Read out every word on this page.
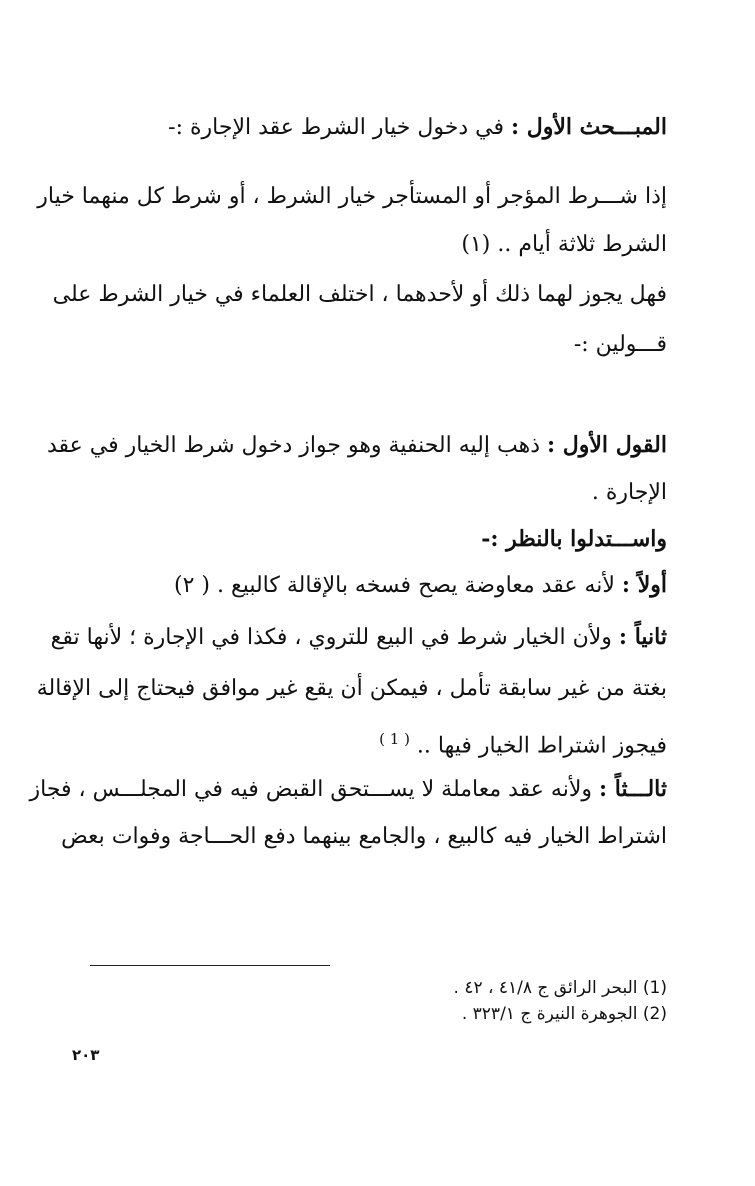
المبـــحث الأول : في دخول خيار الشرط عقد الإجارة :-
إذا شـــرط المؤجر أو المستأجر خيار الشرط ، أو شرط كل منهما خيار
الشرط ثلاثة أيام .. (١)
فهل يجوز لهما ذلك أو لأحدهما ، اختلف العلماء في خيار الشرط على
قـــولين :-
القول الأول : ذهب إليه الحنفية وهو جواز دخول شرط الخيار في عقد
الإجارة .
واســـتدلوا بالنظر :-
أولاً : لأنه عقد معاوضة يصح فسخه بالإقالة كالبيع . ( ٢)
ثانياً : ولأن الخيار شرط في البيع للتروي ، فكذا في الإجارة ؛ لأنها تقع
بغتة من غير سابقة تأمل ، فيمكن أن يقع غير موافق فيحتاج إلى الإقالة
فيجوز اشتراط الخيار فيها .. $^{( 1 )}$
ثالـــثاً : ولأنه عقد معاملة لا يســـتحق القبض فيه في المجلـــس ، فجاز
اشتراط الخيار فيه كالبيع ، والجامع بينهما دفع الحـــاجة وفوات بعض
(1) البحر الرائق ج ٤١/٨ ، ٤٢ .
(2) الجوهرة النيرة ج ٣٢٣/١ .
٢٠٣
